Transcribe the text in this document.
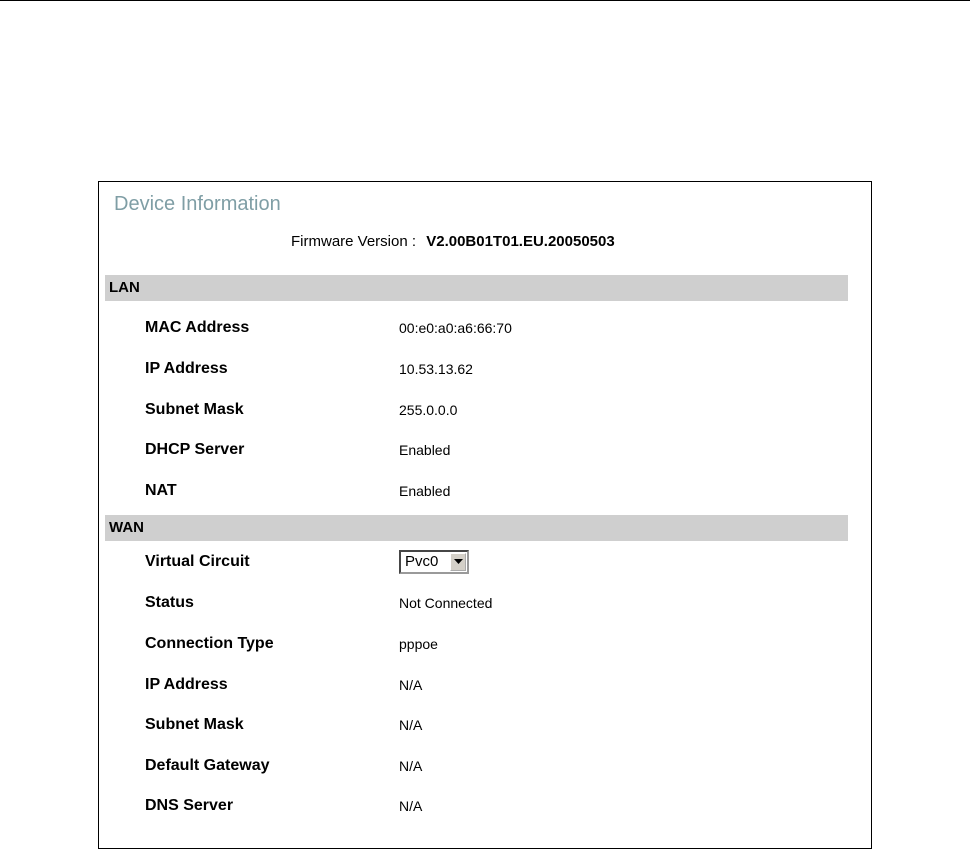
Device Information
Firmware Version : V2.00B01T01.EU.20050503
LAN
MAC Address	00:e0:a0:a6:66:70
IP Address	10.53.13.62
Subnet Mask	255.0.0.0
DHCP Server	Enabled
NAT	Enabled
WAN
Virtual Circuit	Pvc0
Status	Not Connected
Connection Type	pppoe
IP Address	N/A
Subnet Mask	N/A
Default Gateway	N/A
DNS Server	N/A
